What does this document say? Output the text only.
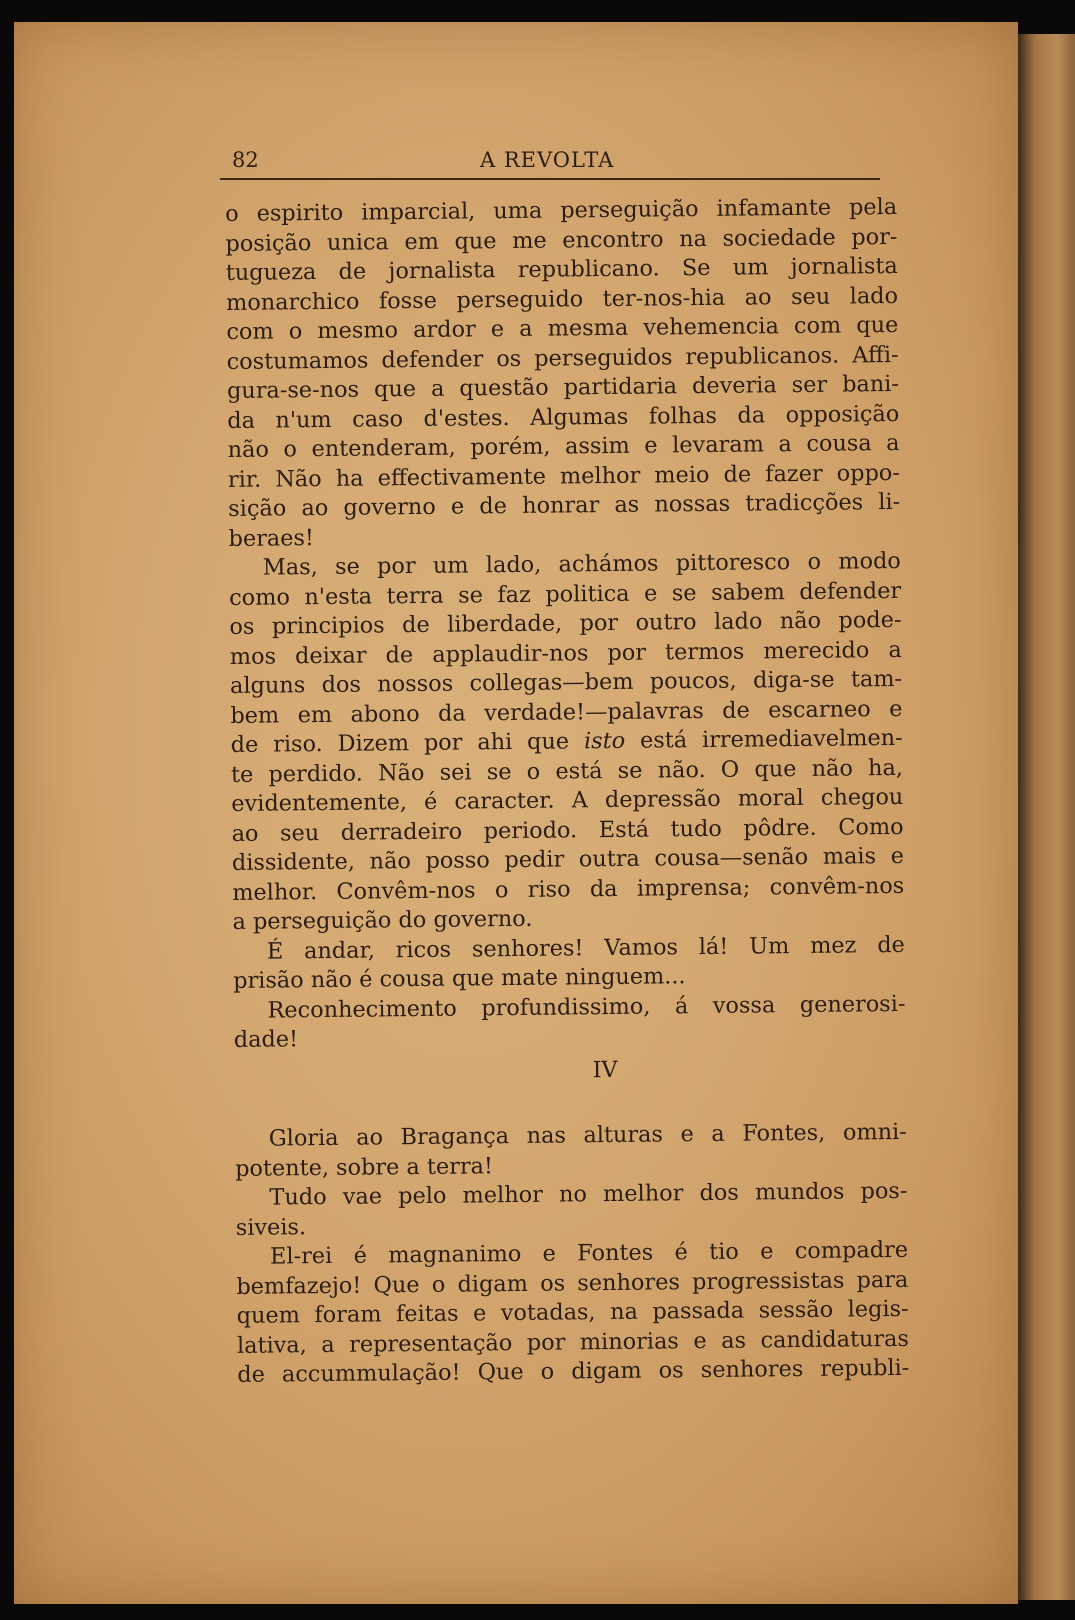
82	A REVOLTA
o espirito imparcial, uma perseguição infamante pela
posição unica em que me encontro na sociedade por-
tugueza de jornalista republicano. Se um jornalista
monarchico fosse perseguido ter-nos-hia ao seu lado
com o mesmo ardor e a mesma vehemencia com que
costumamos defender os perseguidos republicanos. Affi-
gura-se-nos que a questão partidaria deveria ser bani-
da n'um caso d'estes. Algumas folhas da opposição
não o entenderam, porém, assim e levaram a cousa a
rir. Não ha effectivamente melhor meio de fazer oppo-
sição ao governo e de honrar as nossas tradicções li-
beraes!
Mas, se por um lado, achámos pittoresco o modo
como n'esta terra se faz politica e se sabem defender
os principios de liberdade, por outro lado não pode-
mos deixar de applaudir-nos por termos merecido a
alguns dos nossos collegas—bem poucos, diga-se tam-
bem em abono da verdade!—palavras de escarneo e
de riso. Dizem por ahi que isto está irremediavelmen-
te perdido. Não sei se o está se não. O que não ha,
evidentemente, é caracter. A depressão moral chegou
ao seu derradeiro periodo. Está tudo pôdre. Como
dissidente, não posso pedir outra cousa—senão mais e
melhor. Convêm-nos o riso da imprensa; convêm-nos
a perseguição do governo.
É andar, ricos senhores! Vamos lá! Um mez de
prisão não é cousa que mate ninguem...
Reconhecimento profundissimo, á vossa generosi-
dade!
IV
Gloria ao Bragança nas alturas e a Fontes, omni-
potente, sobre a terra!
Tudo vae pelo melhor no melhor dos mundos pos-
siveis.
El-rei é magnanimo e Fontes é tio e compadre
bemfazejo! Que o digam os senhores progressistas para
quem foram feitas e votadas, na passada sessão legis-
lativa, a representação por minorias e as candidaturas
de accummulação! Que o digam os senhores republi-
